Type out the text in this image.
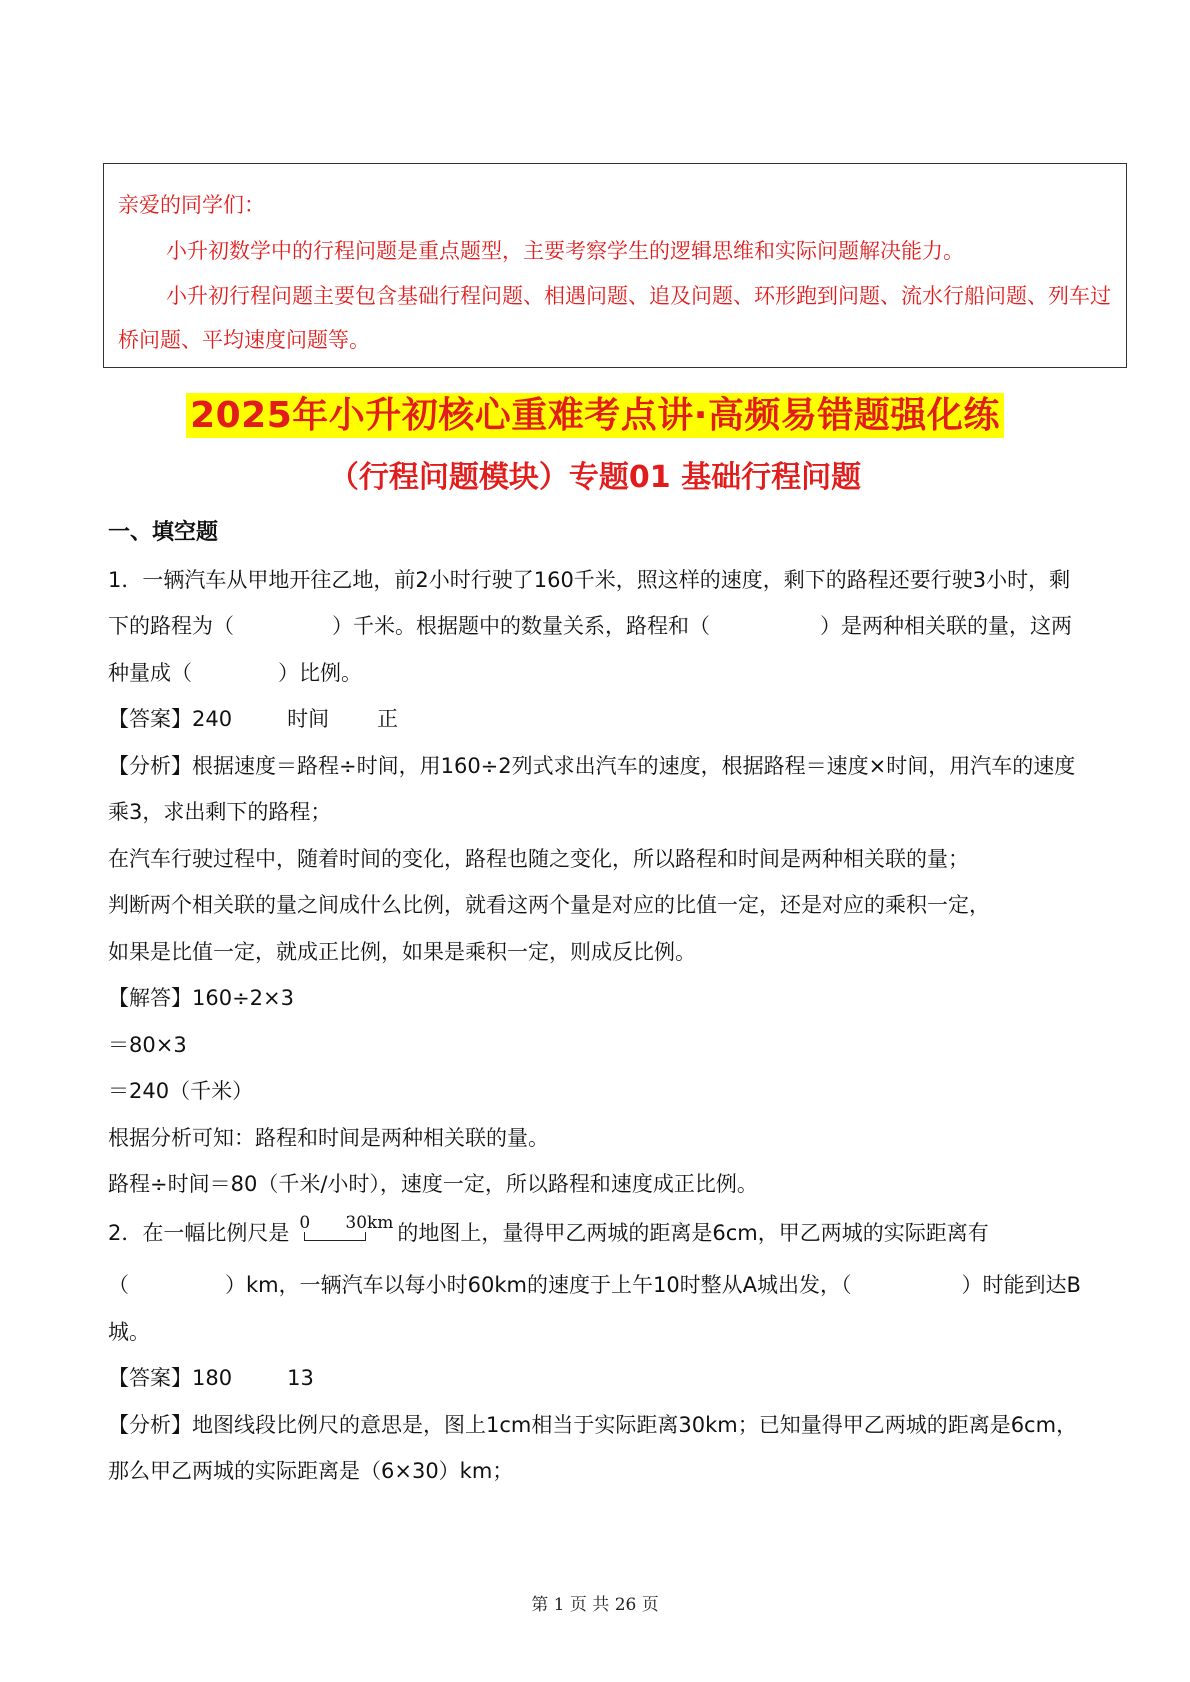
亲爱的同学们：

小升初数学中的行程问题是重点题型，主要考察学生的逻辑思维和实际问题解决能力。

小升初行程问题主要包含基础行程问题、相遇问题、追及问题、环形跑到问题、流水行船问题、列车过桥问题、平均速度问题等。

2025年小升初核心重难考点讲·高频易错题强化练
（行程问题模块）专题01 基础行程问题

一、填空题

1．一辆汽车从甲地开往乙地，前2小时行驶了160千米，照这样的速度，剩下的路程还要行驶3小时，剩下的路程为（	）千米。根据题中的数量关系，路程和（	）是两种相关联的量，这两种量成（	）比例。

【答案】240	时间 正

【分析】根据速度＝路程÷时间，用160÷2列式求出汽车的速度，根据路程＝速度×时间，用汽车的速度乘3，求出剩下的路程；

在汽车行驶过程中，随着时间的变化，路程也随之变化，所以路程和时间是两种相关联的量；

判断两个相关联的量之间成什么比例，就看这两个量是对应的比值一定，还是对应的乘积一定，

如果是比值一定，就成正比例，如果是乘积一定，则成反比例。

【解答】160÷2×3

＝80×3

＝240（千米）

根据分析可知：路程和时间是两种相关联的量。

路程÷时间＝80（千米/小时），速度一定，所以路程和速度成正比例。

2．在一幅比例尺是 0 30km 的地图上，量得甲乙两城的距离是6cm，甲乙两城的实际距离有

（	）km，一辆汽车以每小时60km的速度于上午10时整从A城出发，（	）时能到达B城。

【答案】180	13

【分析】地图线段比例尺的意思是，图上1cm相当于实际距离30km；已知量得甲乙两城的距离是6cm，那么甲乙两城的实际距离是（6×30）km；

第 1 页 共 26 页
